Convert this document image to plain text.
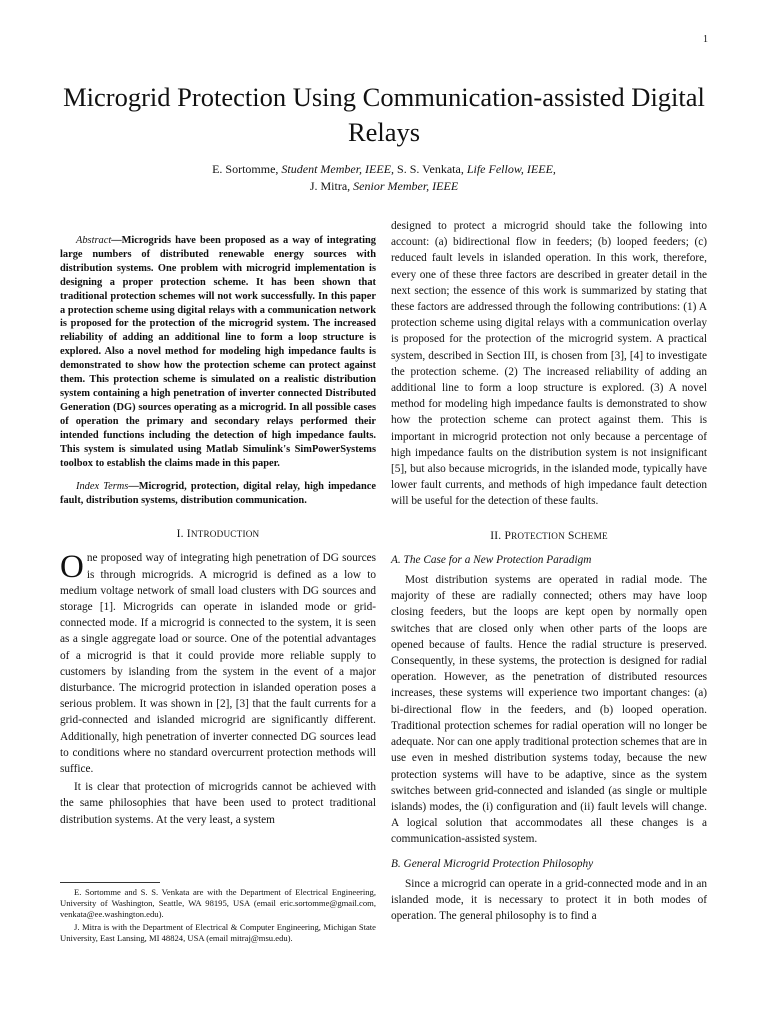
1
Microgrid Protection Using Communication-assisted Digital Relays
E. Sortomme, Student Member, IEEE, S. S. Venkata, Life Fellow, IEEE,
J. Mitra, Senior Member, IEEE

Abstract—Microgrids have been proposed as a way of integrating large numbers of distributed renewable energy sources with distribution systems. One problem with microgrid implementation is designing a proper protection scheme. It has been shown that traditional protection schemes will not work successfully. In this paper a protection scheme using digital relays with a communication network is proposed for the protection of the microgrid system. The increased reliability of adding an additional line to form a loop structure is explored. Also a novel method for modeling high impedance faults is demonstrated to show how the protection scheme can protect against them. This protection scheme is simulated on a realistic distribution system containing a high penetration of inverter connected Distributed Generation (DG) sources operating as a microgrid. In all possible cases of operation the primary and secondary relays performed their intended functions including the detection of high impedance faults. This system is simulated using Matlab Simulink's SimPowerSystems toolbox to establish the claims made in this paper.

Index Terms—Microgrid, protection, digital relay, high impedance fault, distribution systems, distribution communication.

I. INTRODUCTION

One proposed way of integrating high penetration of DG sources is through microgrids. A microgrid is defined as a low to medium voltage network of small load clusters with DG sources and storage [1]. Microgrids can operate in islanded mode or grid-connected mode. If a microgrid is connected to the system, it is seen as a single aggregate load or source. One of the potential advantages of a microgrid is that it could provide more reliable supply to customers by islanding from the system in the event of a major disturbance. The microgrid protection in islanded operation poses a serious problem. It was shown in [2], [3] that the fault currents for a grid-connected and islanded microgrid are significantly different. Additionally, high penetration of inverter connected DG sources lead to conditions where no standard overcurrent protection methods will suffice.

It is clear that protection of microgrids cannot be achieved with the same philosophies that have been used to protect traditional distribution systems. At the very least, a system

designed to protect a microgrid should take the following into account: (a) bidirectional flow in feeders; (b) looped feeders; (c) reduced fault levels in islanded operation. In this work, therefore, every one of these three factors are described in greater detail in the next section; the essence of this work is summarized by stating that these factors are addressed through the following contributions: (1) A protection scheme using digital relays with a communication overlay is proposed for the protection of the microgrid system. A practical system, described in Section III, is chosen from [3], [4] to investigate the protection scheme. (2) The increased reliability of adding an additional line to form a loop structure is explored. (3) A novel method for modeling high impedance faults is demonstrated to show how the protection scheme can protect against them. This is important in microgrid protection not only because a percentage of high impedance faults on the distribution system is not insignificant [5], but also because microgrids, in the islanded mode, typically have lower fault currents, and methods of high impedance fault detection will be useful for the detection of these faults.

II. PROTECTION SCHEME
A. The Case for a New Protection Paradigm

Most distribution systems are operated in radial mode. The majority of these are radially connected; others may have loop closing feeders, but the loops are kept open by normally open switches that are closed only when other parts of the loops are opened because of faults. Hence the radial structure is preserved. Consequently, in these systems, the protection is designed for radial operation. However, as the penetration of distributed resources increases, these systems will experience two important changes: (a) bi-directional flow in the feeders, and (b) looped operation. Traditional protection schemes for radial operation will no longer be adequate. Nor can one apply traditional protection schemes that are in use even in meshed distribution systems today, because the new protection systems will have to be adaptive, since as the system switches between grid-connected and islanded (as single or multiple islands) modes, the (i) configuration and (ii) fault levels will change. A logical solution that accommodates all these changes is a communication-assisted system.

B. General Microgrid Protection Philosophy

Since a microgrid can operate in a grid-connected mode and in an islanded mode, it is necessary to protect it in both modes of operation. The general philosophy is to find a

E. Sortomme and S. S. Venkata are with the Department of Electrical Engineering, University of Washington, Seattle, WA 98195, USA (email eric.sortomme@gmail.com, venkata@ee.washington.edu).

J. Mitra is with the Department of Electrical & Computer Engineering, Michigan State University, East Lansing, MI 48824, USA (email mitraj@msu.edu).
